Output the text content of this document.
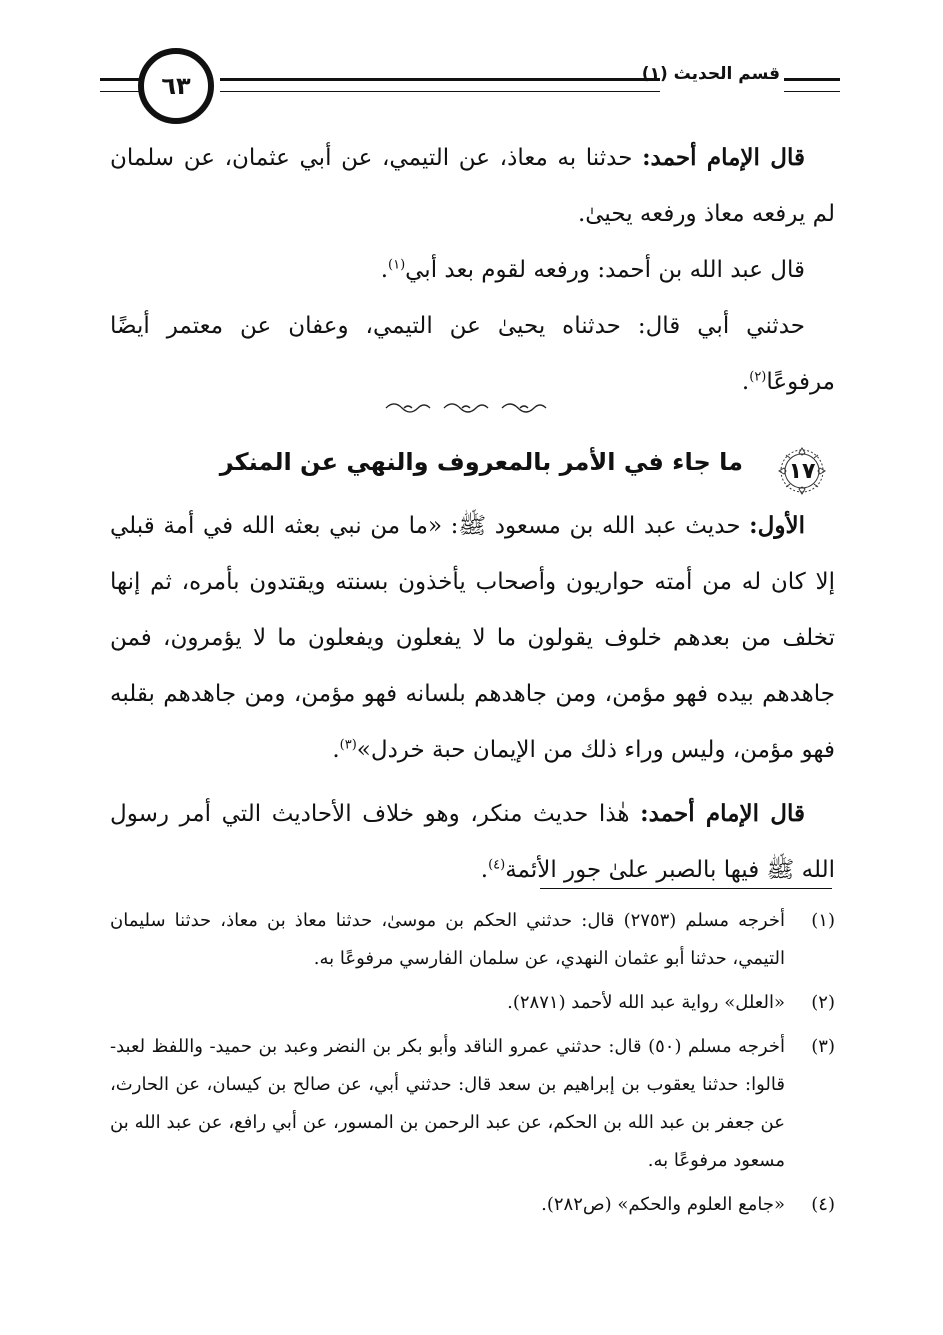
قسم الحديث (١)
٦٣

قال الإمام أحمد: حدثنا به معاذ، عن التيمي، عن أبي عثمان، عن سلمان لم يرفعه معاذ ورفعه يحيىٰ.

قال عبد الله بن أحمد: ورفعه لقوم بعد أبي$^{(١)}$.

حدثني أبي قال: حدثناه يحيىٰ عن التيمي، وعفان عن معتمر أيضًا مرفوعًا$^{(٢)}$.

١٧
ما جاء في الأمر بالمعروف والنهي عن المنكر

الأول: حديث عبد الله بن مسعود ﷺ: «ما من نبي بعثه الله في أمة قبلي إلا كان له من أمته حواريون وأصحاب يأخذون بسنته ويقتدون بأمره، ثم إنها تخلف من بعدهم خلوف يقولون ما لا يفعلون ويفعلون ما لا يؤمرون، فمن جاهدهم بيده فهو مؤمن، ومن جاهدهم بلسانه فهو مؤمن، ومن جاهدهم بقلبه فهو مؤمن، وليس وراء ذلك من الإيمان حبة خردل»$^{(٣)}$.

قال الإمام أحمد: هٰذا حديث منكر، وهو خلاف الأحاديث التي أمر رسول الله ﷺ فيها بالصبر علىٰ جور الأئمة$^{(٤)}$.

(١)
أخرجه مسلم (٢٧٥٣) قال: حدثني الحكم بن موسىٰ، حدثنا معاذ بن معاذ، حدثنا سليمان التيمي، حدثنا أبو عثمان النهدي، عن سلمان الفارسي مرفوعًا به.
(٢)
«العلل» رواية عبد الله لأحمد (٢٨٧١).
(٣)
أخرجه مسلم (٥٠) قال: حدثني عمرو الناقد وأبو بكر بن النضر وعبد بن حميد- واللفظ لعبد- قالوا: حدثنا يعقوب بن إبراهيم بن سعد قال: حدثني أبي، عن صالح بن كيسان، عن الحارث، عن جعفر بن عبد الله بن الحكم، عن عبد الرحمن بن المسور، عن أبي رافع، عن عبد الله بن مسعود مرفوعًا به.
(٤)
«جامع العلوم والحكم» (ص٢٨٢).
